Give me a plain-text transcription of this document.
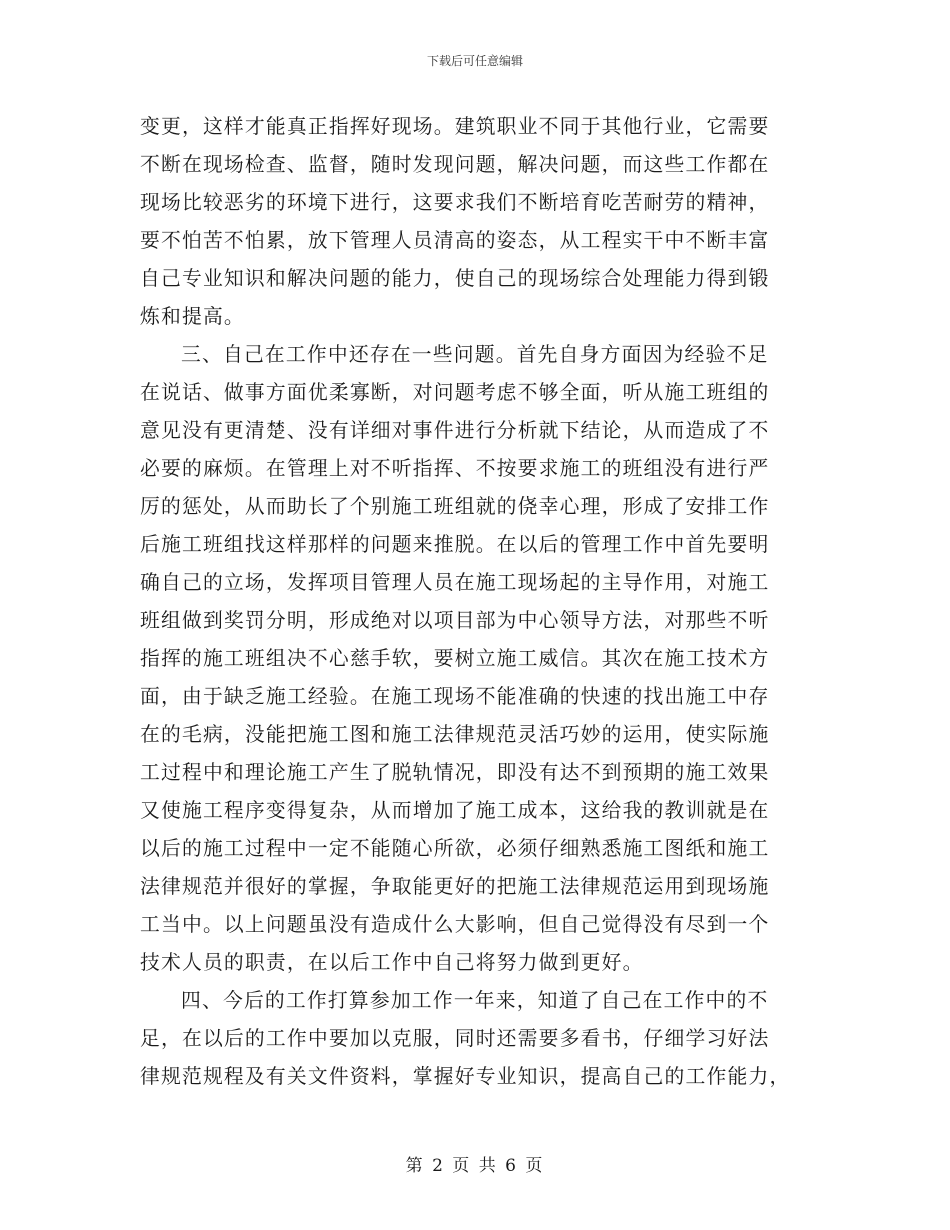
下载后可任意编辑
变更，这样才能真正指挥好现场。建筑职业不同于其他行业，它需要
不断在现场检查、监督，随时发现问题，解决问题，而这些工作都在
现场比较恶劣的环境下进行，这要求我们不断培育吃苦耐劳的精神，
要不怕苦不怕累，放下管理人员清高的姿态，从工程实干中不断丰富
自己专业知识和解决问题的能力，使自己的现场综合处理能力得到锻
炼和提高。
三、自己在工作中还存在一些问题。首先自身方面因为经验不足
在说话、做事方面优柔寡断，对问题考虑不够全面，听从施工班组的
意见没有更清楚、没有详细对事件进行分析就下结论，从而造成了不
必要的麻烦。在管理上对不听指挥、不按要求施工的班组没有进行严
厉的惩处，从而助长了个别施工班组就的侥幸心理，形成了安排工作
后施工班组找这样那样的问题来推脱。在以后的管理工作中首先要明
确自己的立场，发挥项目管理人员在施工现场起的主导作用，对施工
班组做到奖罚分明，形成绝对以项目部为中心领导方法，对那些不听
指挥的施工班组决不心慈手软，要树立施工威信。其次在施工技术方
面，由于缺乏施工经验。在施工现场不能准确的快速的找出施工中存
在的毛病，没能把施工图和施工法律规范灵活巧妙的运用，使实际施
工过程中和理论施工产生了脱轨情况，即没有达不到预期的施工效果
又使施工程序变得复杂，从而增加了施工成本，这给我的教训就是在
以后的施工过程中一定不能随心所欲，必须仔细熟悉施工图纸和施工
法律规范并很好的掌握，争取能更好的把施工法律规范运用到现场施
工当中。以上问题虽没有造成什么大影响，但自己觉得没有尽到一个
技术人员的职责，在以后工作中自己将努力做到更好。
四、今后的工作打算参加工作一年来，知道了自己在工作中的不
足，在以后的工作中要加以克服，同时还需要多看书，仔细学习好法
律规范规程及有关文件资料，掌握好专业知识，提高自己的工作能力，
第 2 页 共 6 页
